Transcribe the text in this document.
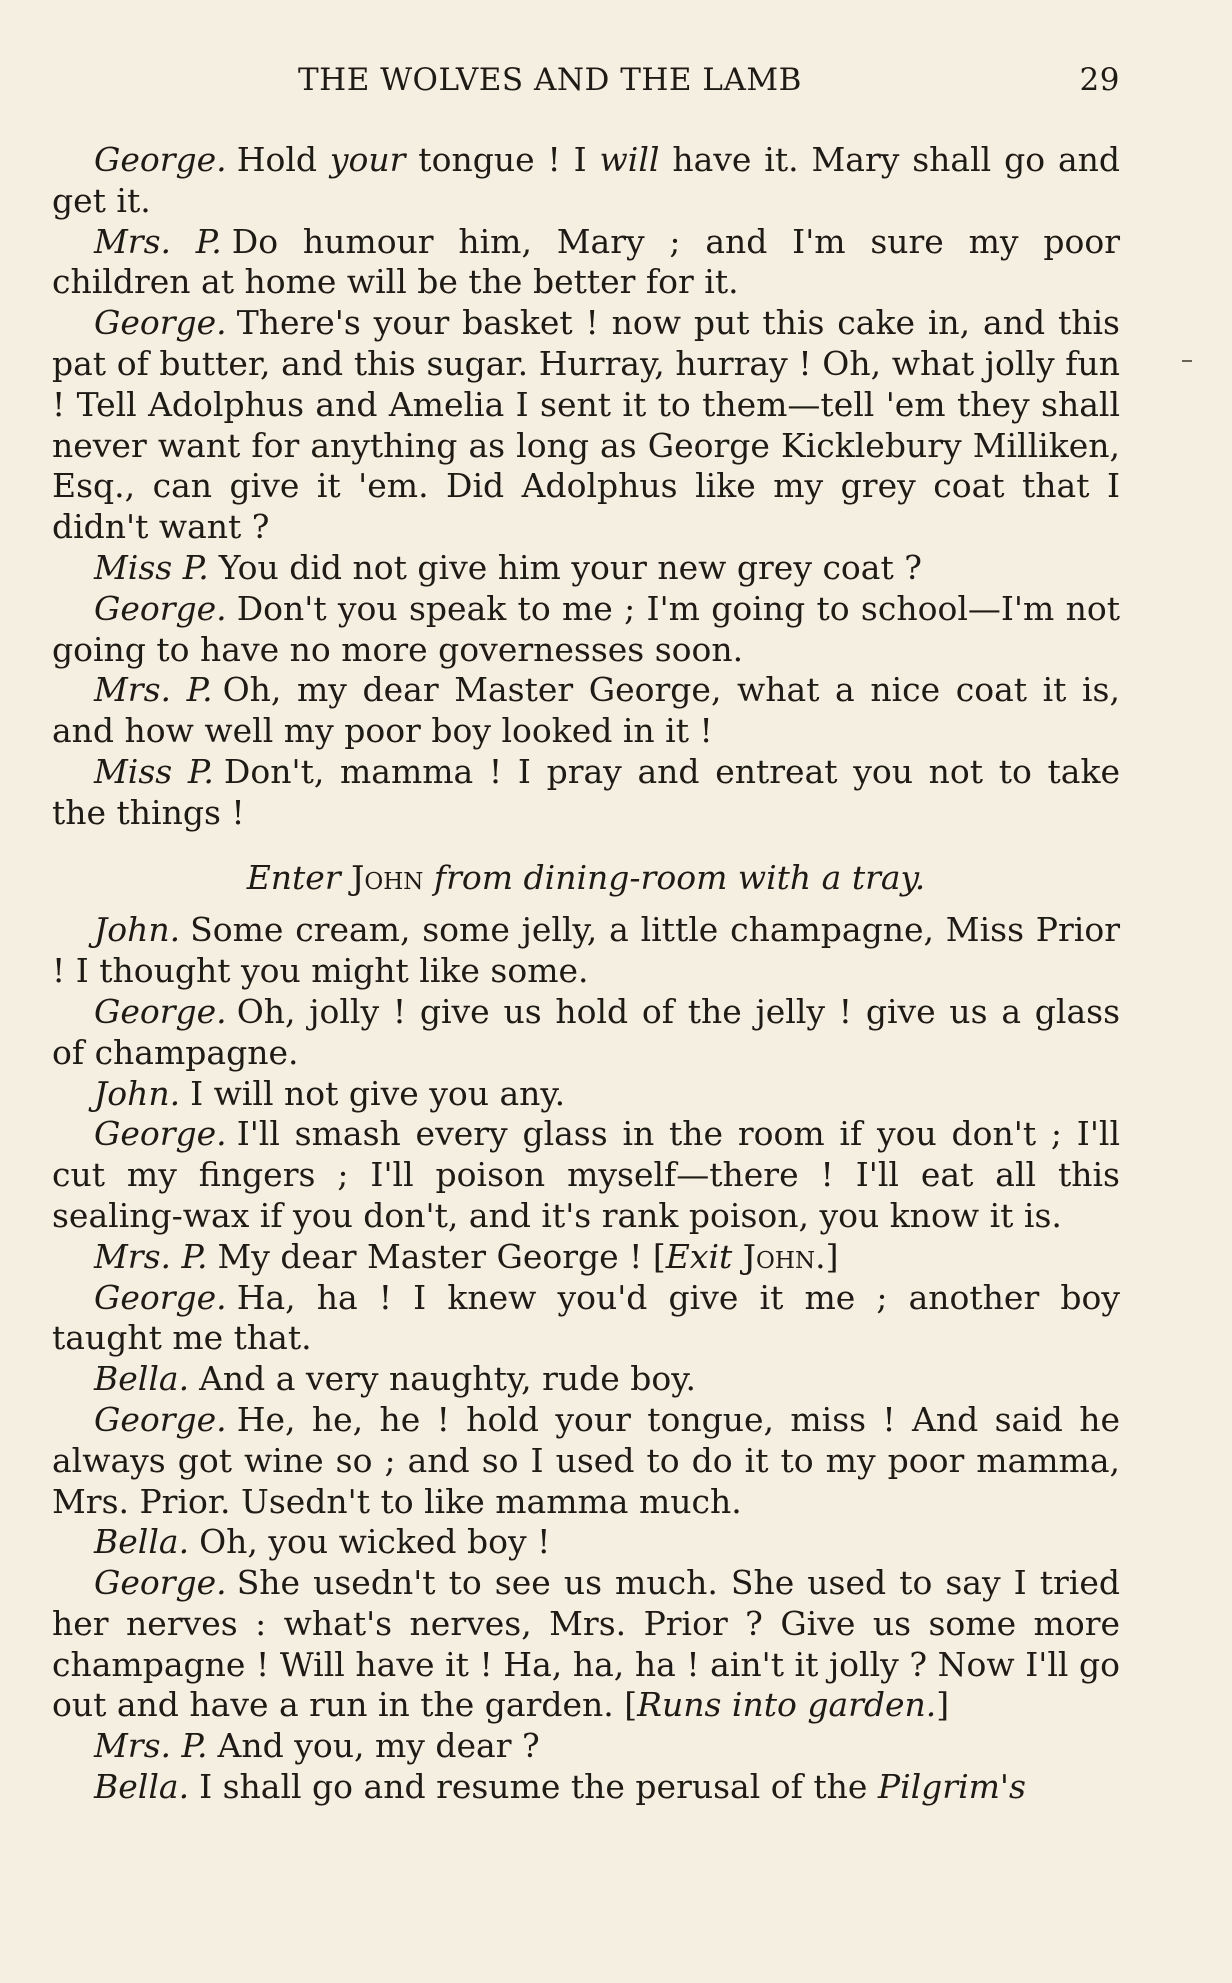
THE WOLVES AND THE LAMB	29

George. Hold your tongue ! I will have it. Mary shall go and get it.

Mrs. P. Do humour him, Mary ; and I'm sure my poor children at home will be the better for it.

George. There's your basket ! now put this cake in, and this pat of butter, and this sugar. Hurray, hurray ! Oh, what jolly fun ! Tell Adolphus and Amelia I sent it to them—tell 'em they shall never want for anything as long as George Kicklebury Milliken, Esq., can give it 'em. Did Adolphus like my grey coat that I didn't want ?

Miss P. You did not give him your new grey coat ?

George. Don't you speak to me ; I'm going to school—I'm not going to have no more governesses soon.

Mrs. P. Oh, my dear Master George, what a nice coat it is, and how well my poor boy looked in it !

Miss P. Don't, mamma ! I pray and entreat you not to take the things !

Enter John from dining-room with a tray.

John. Some cream, some jelly, a little champagne, Miss Prior ! I thought you might like some.

George. Oh, jolly ! give us hold of the jelly ! give us a glass of champagne.

John. I will not give you any.

George. I'll smash every glass in the room if you don't ; I'll cut my fingers ; I'll poison myself—there ! I'll eat all this sealing-wax if you don't, and it's rank poison, you know it is.

Mrs. P. My dear Master George ! [Exit John.]

George. Ha, ha ! I knew you'd give it me ; another boy taught me that.

Bella. And a very naughty, rude boy.

George. He, he, he ! hold your tongue, miss ! And said he always got wine so ; and so I used to do it to my poor mamma, Mrs. Prior. Usedn't to like mamma much.

Bella. Oh, you wicked boy !

George. She usedn't to see us much. She used to say I tried her nerves : what's nerves, Mrs. Prior ? Give us some more champagne ! Will have it ! Ha, ha, ha ! ain't it jolly ? Now I'll go out and have a run in the garden. [Runs into garden.]

Mrs. P. And you, my dear ?

Bella. I shall go and resume the perusal of the Pilgrim's
